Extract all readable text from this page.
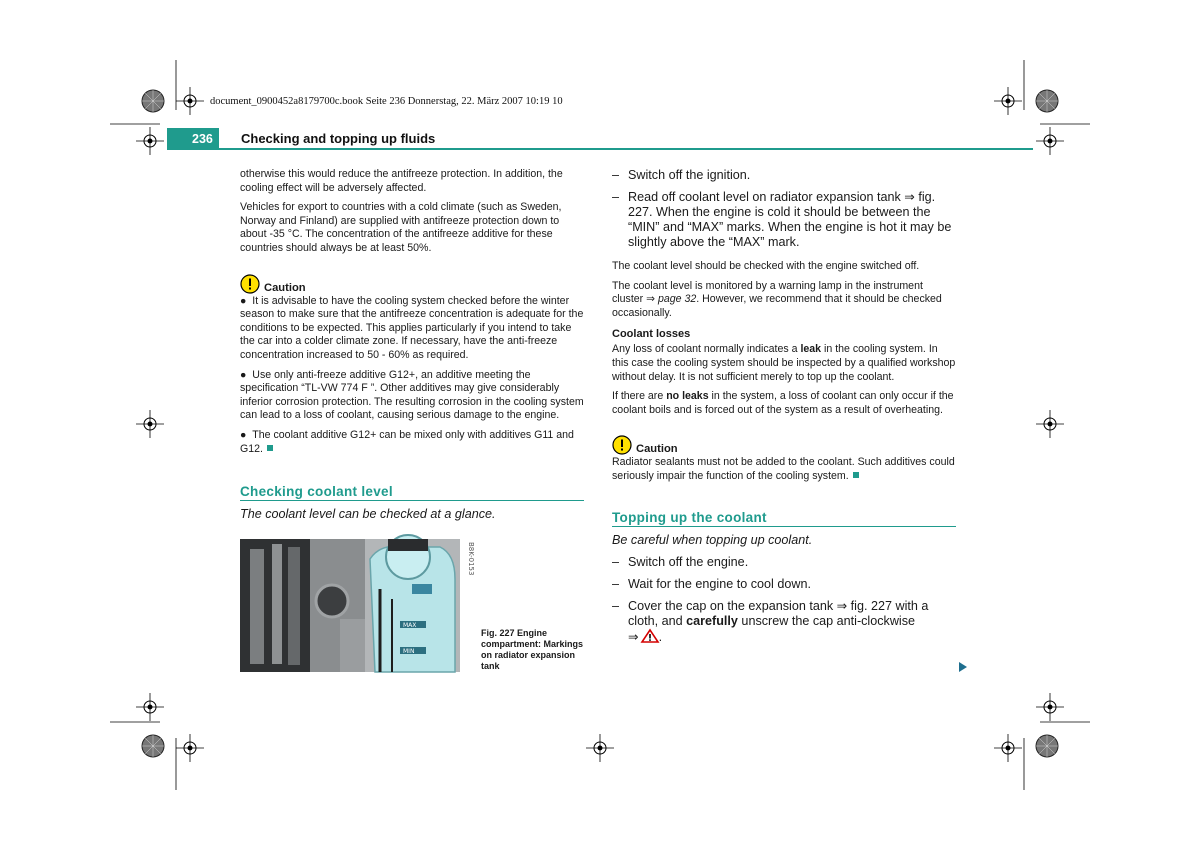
document_0900452a8179700c.book Seite 236 Donnerstag, 22. März 2007 10:19 10
236	Checking and topping up fluids

otherwise this would reduce the antifreeze protection. In addition, the cooling effect will be adversely affected.

Vehicles for export to countries with a cold climate (such as Sweden, Norway and Finland) are supplied with antifreeze protection down to about -35 °C. The concentration of the antifreeze additive for these countries should always be at least 50%.

Caution

●  It is advisable to have the cooling system checked before the winter season to make sure that the antifreeze concentration is adequate for the conditions to be expected. This applies particularly if you intend to take the car into a colder climate zone. If necessary, have the anti-freeze concentration increased to 50 - 60% as required.

●  Use only anti-freeze additive G12+, an additive meeting the specification “TL-VW 774 F ”. Other additives may give considerably inferior corrosion protection. The resulting corrosion in the cooling system can lead to a loss of coolant, causing serious damage to the engine.

●  The coolant additive G12+ can be mixed only with additives G11 and G12.

Checking coolant level

The coolant level can be checked at a glance.

MAX
MIN
B8K-0153
Fig. 227 Engine compartment: Markings on radiator expansion tank
– Switch off the ignition.
– Read off coolant level on radiator expansion tank ⇒ fig. 227. When the engine is cold it should be between the “MIN” and “MAX” marks. When the engine is hot it may be slightly above the “MAX” mark.

The coolant level should be checked with the engine switched off.

The coolant level is monitored by a warning lamp in the instrument cluster ⇒ page 32. However, we recommend that it should be checked occasionally.

Coolant losses

Any loss of coolant normally indicates a leak in the cooling system. In this case the cooling system should be inspected by a qualified workshop without delay. It is not sufficient merely to top up the coolant.

If there are no leaks in the system, a loss of coolant can only occur if the coolant boils and is forced out of the system as a result of overheating.

Caution

Radiator sealants must not be added to the coolant. Such additives could seriously impair the function of the cooling system.

Topping up the coolant

Be careful when topping up coolant.

– Switch off the engine.
– Wait for the engine to cool down.
– Cover the cap on the expansion tank ⇒ fig. 227 with a cloth, and carefully unscrew the cap anti-clockwise
⇒ .
